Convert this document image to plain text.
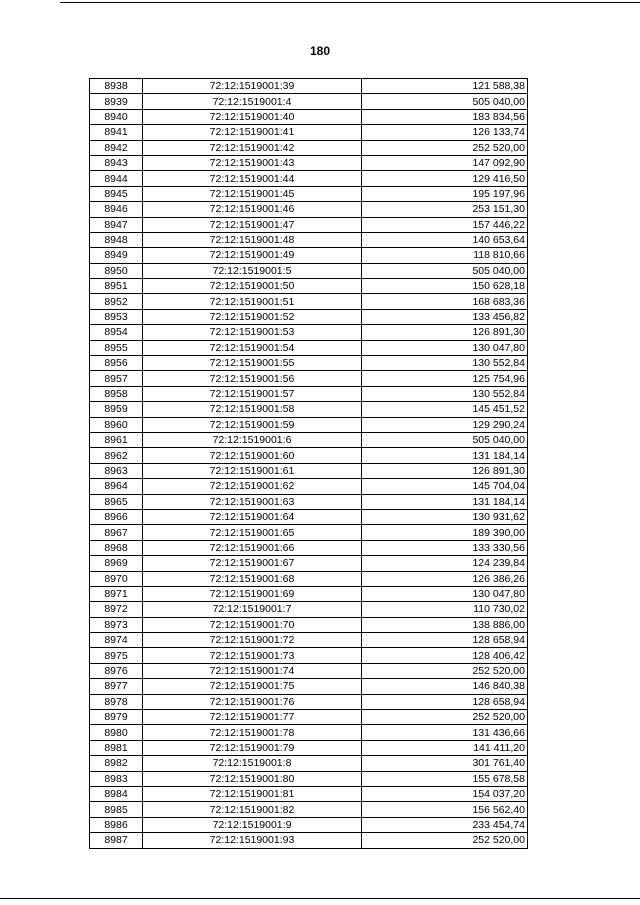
180
8938	72:12:1519001:39	121 588,38
8939	72:12:1519001:4	505 040,00
8940	72:12:1519001:40	183 834,56
8941	72:12:1519001:41	126 133,74
8942	72:12:1519001:42	252 520,00
8943	72:12:1519001:43	147 092,90
8944	72:12:1519001:44	129 416,50
8945	72:12:1519001:45	195 197,96
8946	72:12:1519001:46	253 151,30
8947	72:12:1519001:47	157 446,22
8948	72:12:1519001:48	140 653,64
8949	72:12:1519001:49	118 810,66
8950	72:12:1519001:5	505 040,00
8951	72:12:1519001:50	150 628,18
8952	72:12:1519001:51	168 683,36
8953	72:12:1519001:52	133 456,82
8954	72:12:1519001:53	126 891,30
8955	72:12:1519001:54	130 047,80
8956	72:12:1519001:55	130 552,84
8957	72:12:1519001:56	125 754,96
8958	72:12:1519001:57	130 552,84
8959	72:12:1519001:58	145 451,52
8960	72:12:1519001:59	129 290,24
8961	72:12:1519001:6	505 040,00
8962	72:12:1519001:60	131 184,14
8963	72:12:1519001:61	126 891,30
8964	72:12:1519001:62	145 704,04
8965	72:12:1519001:63	131 184,14
8966	72:12:1519001:64	130 931,62
8967	72:12:1519001:65	189 390,00
8968	72:12:1519001:66	133 330,56
8969	72:12:1519001:67	124 239,84
8970	72:12:1519001:68	126 386,26
8971	72:12:1519001:69	130 047,80
8972	72:12:1519001:7	110 730,02
8973	72:12:1519001:70	138 886,00
8974	72:12:1519001:72	128 658,94
8975	72:12:1519001:73	128 406,42
8976	72:12:1519001:74	252 520,00
8977	72:12:1519001:75	146 840,38
8978	72:12:1519001:76	128 658,94
8979	72:12:1519001:77	252 520,00
8980	72:12:1519001:78	131 436,66
8981	72:12:1519001:79	141 411,20
8982	72:12:1519001:8	301 761,40
8983	72:12:1519001:80	155 678,58
8984	72:12:1519001:81	154 037,20
8985	72:12:1519001:82	156 562,40
8986	72:12:1519001:9	233 454,74
8987	72:12:1519001:93	252 520,00
